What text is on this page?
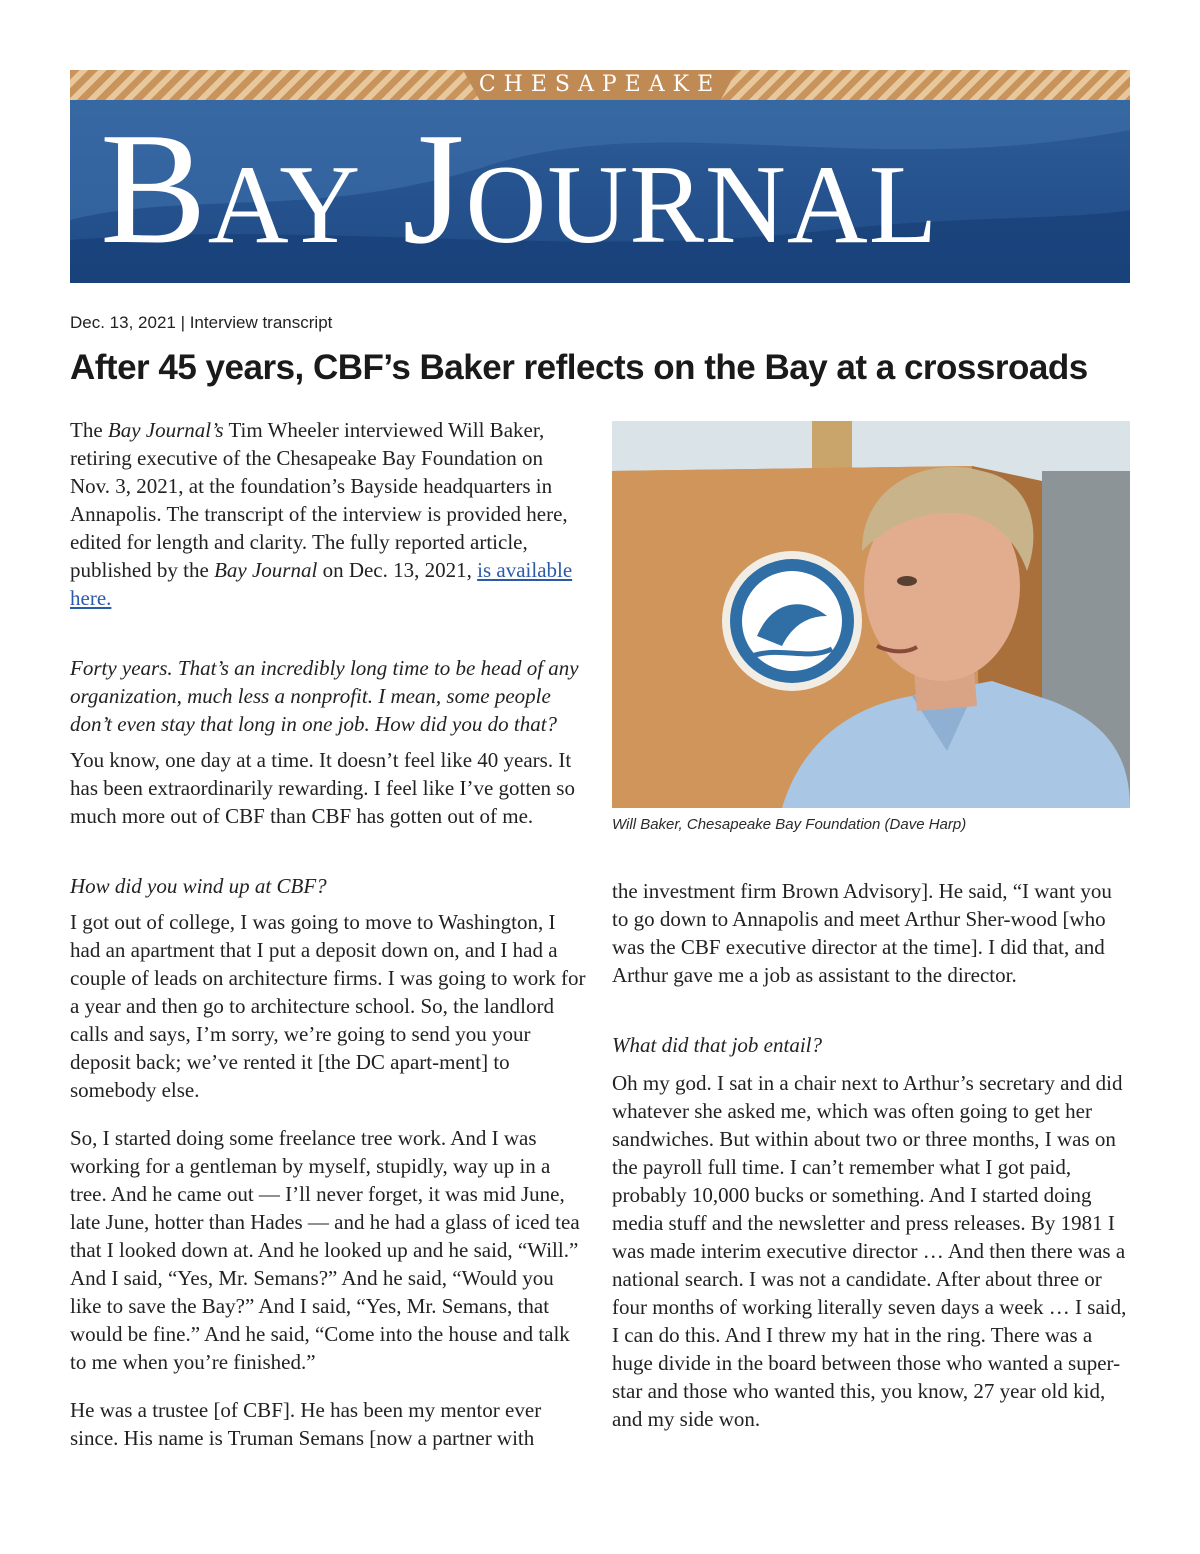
CHESAPEAKE
Bay Journal
Dec. 13, 2021 | Interview transcript
After 45 years, CBF’s Baker reflects on the Bay at a crossroads

The Bay Journal’s Tim Wheeler interviewed Will Baker, retiring executive of the Chesapeake Bay Foundation on Nov. 3, 2021, at the foundation’s Bayside headquarters in Annapolis. The transcript of the interview is provided here, edited for length and clarity. The fully reported article, published by the Bay Journal on Dec. 13, 2021, is available here.

Forty years. That’s an incredibly long time to be head of any organization, much less a nonprofit. I mean, some people don’t even stay that long in one job. How did you do that?

You know, one day at a time. It doesn’t feel like 40 years. It has been extraordinarily rewarding. I feel like I’ve gotten so much more out of CBF than CBF has gotten out of me.

How did you wind up at CBF?

I got out of college, I was going to move to Washington, I had an apartment that I put a deposit down on, and I had a couple of leads on architecture firms. I was going to work for a year and then go to architecture school. So, the landlord calls and says, I’m sorry, we’re going to send you your deposit back; we’ve rented it [the DC apart-ment] to somebody else.

So, I started doing some freelance tree work. And I was working for a gentleman by myself, stupidly, way up in a tree. And he came out — I’ll never forget, it was mid June, late June, hotter than Hades — and he had a glass of iced tea that I looked down at. And he looked up and he said, “Will.” And I said, “Yes, Mr. Semans?” And he said, “Would you like to save the Bay?” And I said, “Yes, Mr. Semans, that would be fine.” And he said, “Come into the house and talk to me when you’re finished.”

He was a trustee [of CBF]. He has been my mentor ever since. His name is Truman Semans [now a partner with

Will Baker, Chesapeake Bay Foundation (Dave Harp)

the investment firm Brown Advisory]. He said, “I want you to go down to Annapolis and meet Arthur Sher-wood [who was the CBF executive director at the time]. I did that, and Arthur gave me a job as assistant to the director.

What did that job entail?

Oh my god. I sat in a chair next to Arthur’s secretary and did whatever she asked me, which was often going to get her sandwiches. But within about two or three months, I was on the payroll full time. I can’t remember what I got paid, probably 10,000 bucks or something. And I started doing media stuff and the newsletter and press releases. By 1981 I was made interim executive director … And then there was a national search. I was not a candidate. After about three or four months of working literally seven days a week … I said, I can do this. And I threw my hat in the ring. There was a huge divide in the board between those who wanted a super-star and those who wanted this, you know, 27 year old kid, and my side won.
